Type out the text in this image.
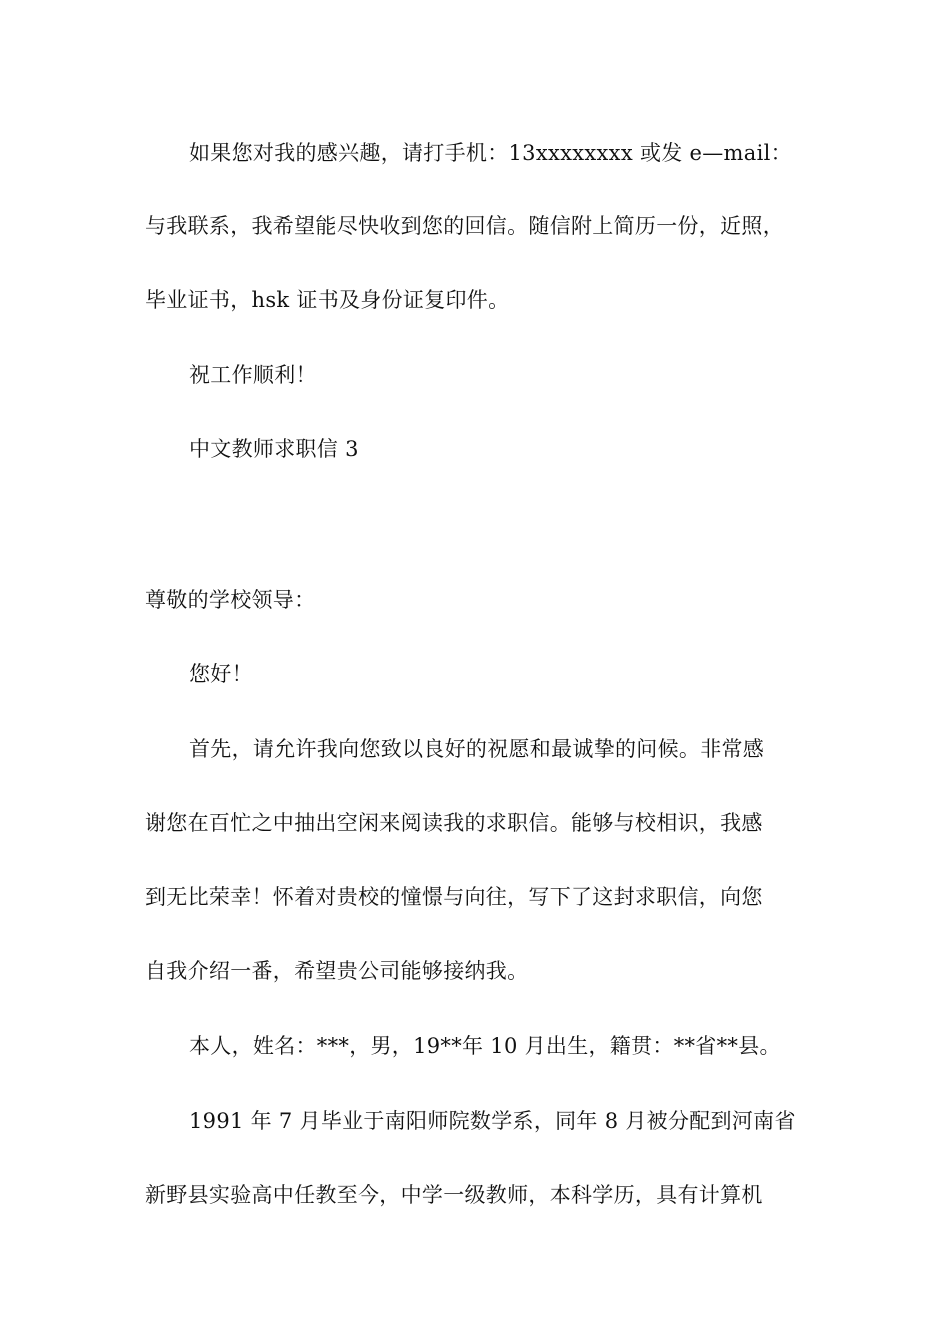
如果您对我的感兴趣，请打手机：13xxxxxxxx 或发 e—mail：
与我联系，我希望能尽快收到您的回信。随信附上简历一份，近照，
毕业证书，hsk 证书及身份证复印件。
祝工作顺利！
中文教师求职信 3
尊敬的学校领导：
您好！
首先，请允许我向您致以良好的祝愿和最诚挚的问候。非常感
谢您在百忙之中抽出空闲来阅读我的求职信。能够与校相识，我感
到无比荣幸！怀着对贵校的憧憬与向往，写下了这封求职信，向您
自我介绍一番，希望贵公司能够接纳我。
本人，姓名：***，男，19**年 10 月出生，籍贯：**省**县。
1991 年 7 月毕业于南阳师院数学系，同年 8 月被分配到河南省
新野县实验高中任教至今，中学一级教师，本科学历，具有计算机
